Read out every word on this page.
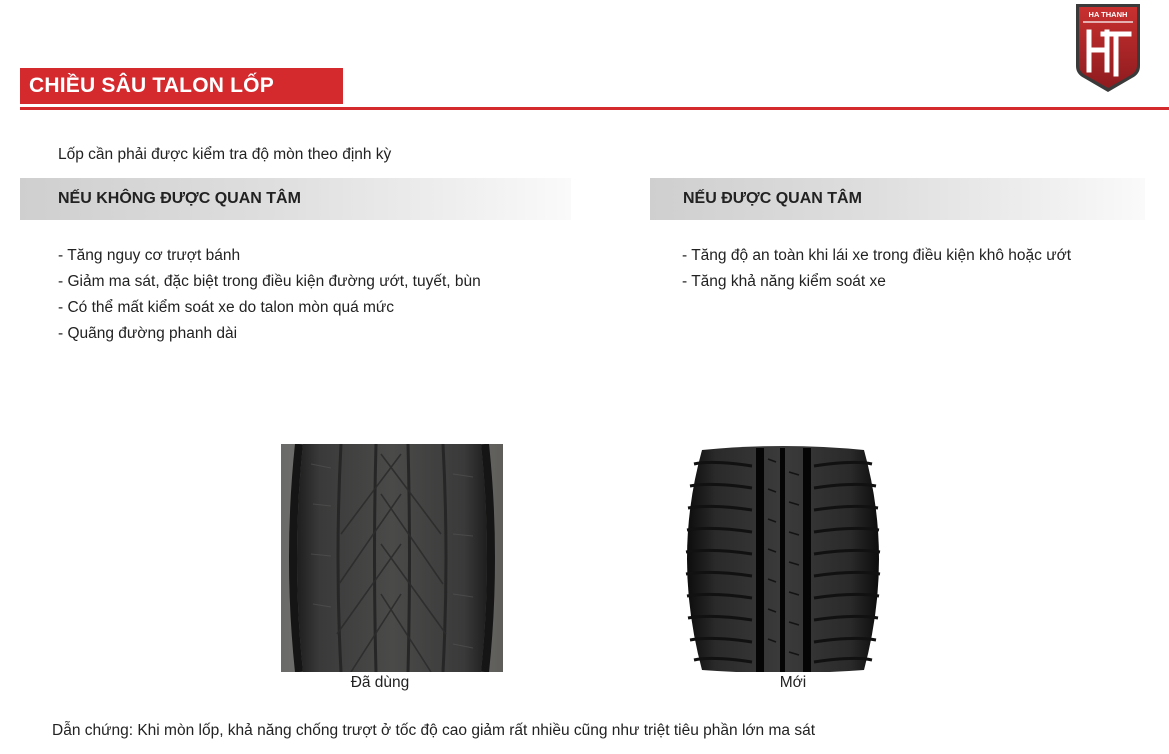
CHIỀU SÂU TALON LỐP
HA THANH
Lốp cần phải được kiểm tra độ mòn theo định kỳ
NẾU KHÔNG ĐƯỢC QUAN TÂM	NẾU ĐƯỢC QUAN TÂM
- Tăng nguy cơ trượt bánh
- Giảm ma sát, đặc biệt trong điều kiện đường ướt, tuyết, bùn
- Có thể mất kiểm soát xe do talon mòn quá mức
- Quãng đường phanh dài
- Tăng độ an toàn khi lái xe trong điều kiện khô hoặc ướt
- Tăng khả năng kiểm soát xe
Đã dùng	Mới
Dẫn chứng: Khi mòn lốp, khả năng chống trượt ở tốc độ cao giảm rất nhiều cũng như triệt tiêu phần lớn ma sát
